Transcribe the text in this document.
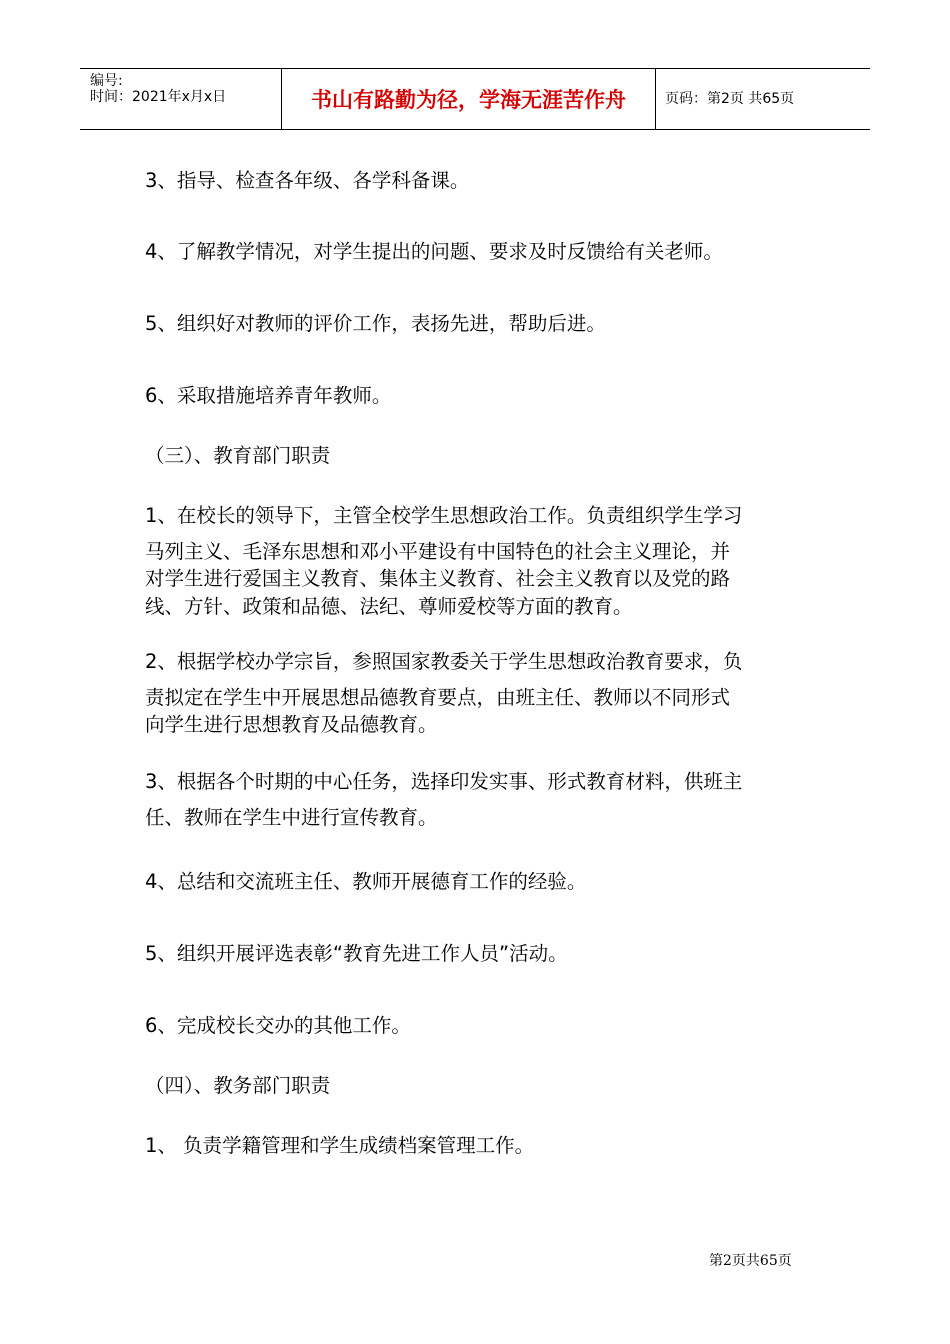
编号:
时间：2021年x月x日	书山有路勤为径，学海无涯苦作舟	页码：第2页 共65页
3、指导、检查各年级、各学科备课。
4、了解教学情况，对学生提出的问题、要求及时反馈给有关老师。
5、组织好对教师的评价工作，表扬先进，帮助后进。
6、采取措施培养青年教师。
（三）、教育部门职责
1、在校长的领导下，主管全校学生思想政治工作。负责组织学生学习
马列主义、毛泽东思想和邓小平建设有中国特色的社会主义理论，并
对学生进行爱国主义教育、集体主义教育、社会主义教育以及党的路
线、方针、政策和品德、法纪、尊师爱校等方面的教育。
2、根据学校办学宗旨，参照国家教委关于学生思想政治教育要求，负
责拟定在学生中开展思想品德教育要点，由班主任、教师以不同形式
向学生进行思想教育及品德教育。
3、根据各个时期的中心任务，选择印发实事、形式教育材料，供班主
任、教师在学生中进行宣传教育。
4、总结和交流班主任、教师开展德育工作的经验。
5、组织开展评选表彰“教育先进工作人员”活动。
6、完成校长交办的其他工作。
（四）、教务部门职责
1、 负责学籍管理和学生成绩档案管理工作。
第2页共65页
